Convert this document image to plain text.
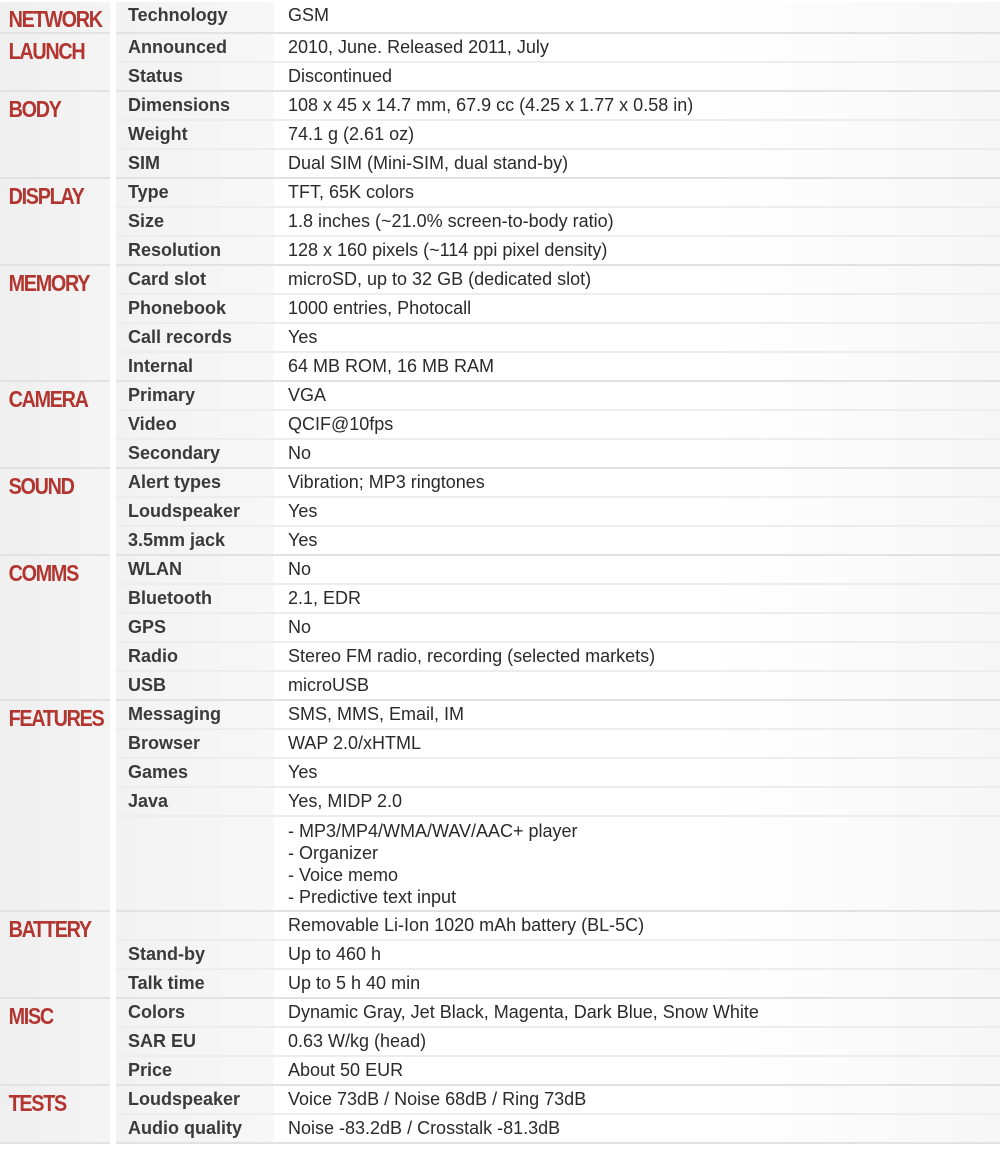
NETWORK	Technology	GSM

LAUNCH	Announced	2010, June. Released 2011, July
	Status	Discontinued

BODY	Dimensions	108 x 45 x 14.7 mm, 67.9 cc (4.25 x 1.77 x 0.58 in)
	Weight	74.1 g (2.61 oz)
	SIM	Dual SIM (Mini-SIM, dual stand-by)

DISPLAY	Type	TFT, 65K colors
	Size	1.8 inches (~21.0% screen-to-body ratio)
	Resolution	128 x 160 pixels (~114 ppi pixel density)

MEMORY	Card slot	microSD, up to 32 GB (dedicated slot)
	Phonebook	1000 entries, Photocall
	Call records	Yes
	Internal	64 MB ROM, 16 MB RAM

CAMERA	Primary	VGA
	Video	QCIF@10fps
	Secondary	No

SOUND	Alert types	Vibration; MP3 ringtones
	Loudspeaker	Yes
	3.5mm jack	Yes

COMMS	WLAN	No
	Bluetooth	2.1, EDR
	GPS	No
	Radio	Stereo FM radio, recording (selected markets)
	USB	microUSB

FEATURES	Messaging	SMS, MMS, Email, IM
	Browser	WAP 2.0/xHTML
	Games	Yes
	Java	Yes, MIDP 2.0

		- MP3/MP4/WMA/WAV/AAC+ player
- Organizer
- Voice memo
- Predictive text input

BATTERY		Removable Li-Ion 1020 mAh battery (BL-5C)
	Stand-by	Up to 460 h
	Talk time	Up to 5 h 40 min

MISC	Colors	Dynamic Gray, Jet Black, Magenta, Dark Blue, Snow White
	SAR EU	0.63 W/kg (head)
	Price	About 50 EUR

TESTS	Loudspeaker	Voice 73dB / Noise 68dB / Ring 73dB
	Audio quality	Noise -83.2dB / Crosstalk -81.3dB
